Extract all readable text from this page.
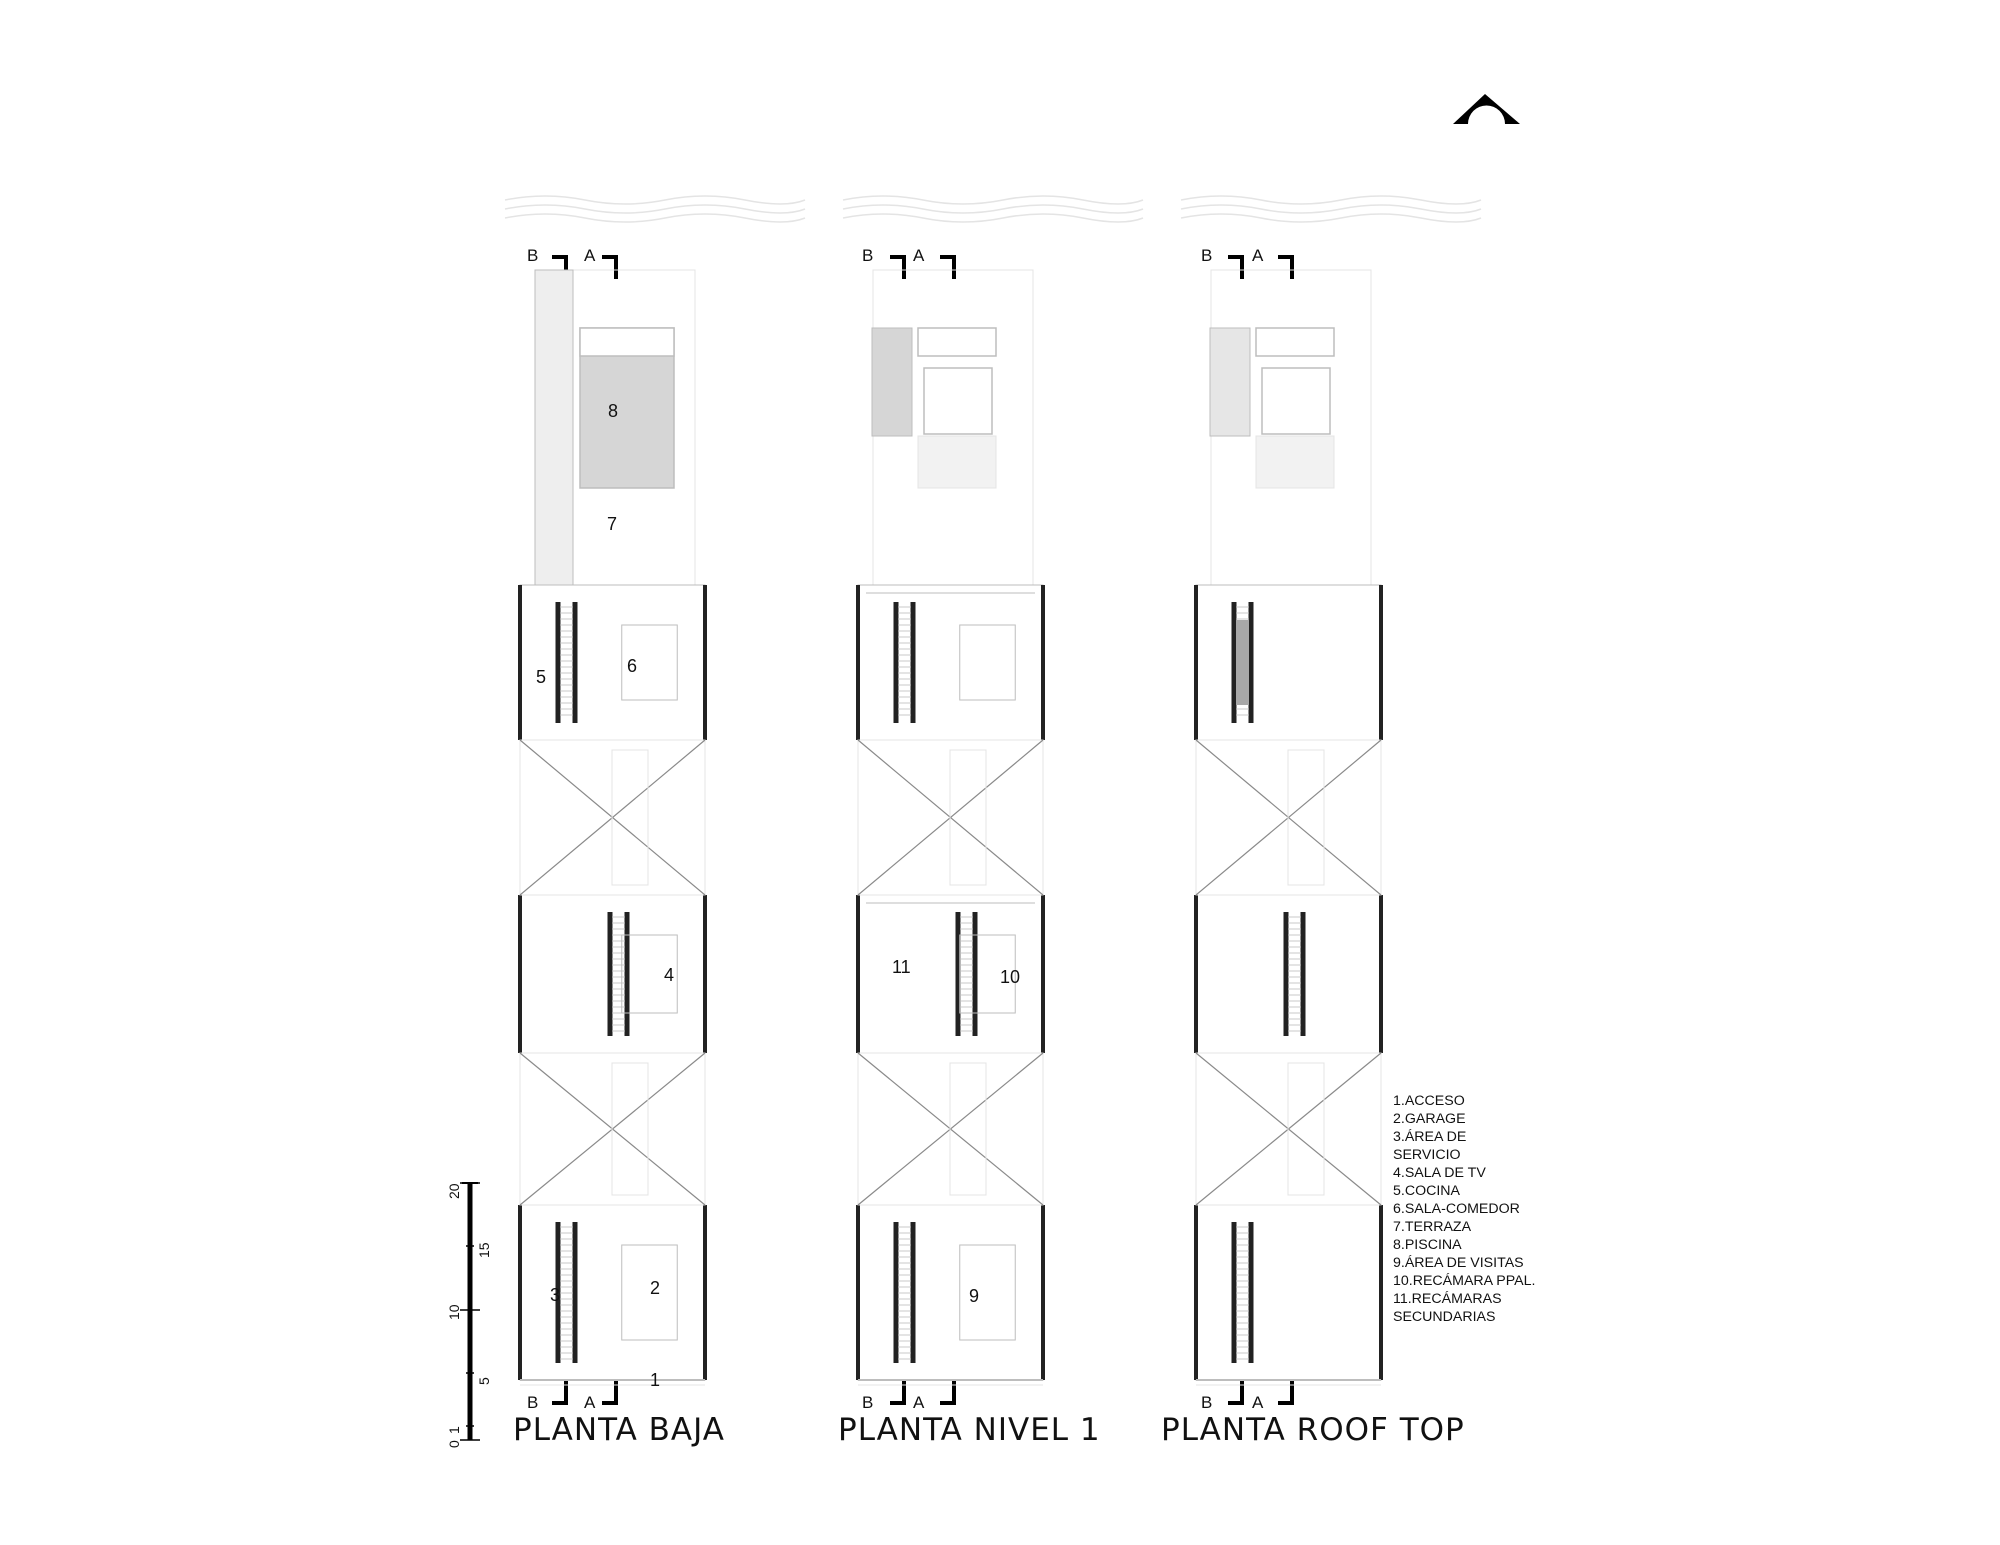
PLANTA BAJA	PLANTA NIVEL 1 PLANTA ROOF TOP
B	A	B A	B A
B	A	B A	B A
1
2
3
4
5
6
7
8
9
10
11
1.ACCESO
2.GARAGE
3.ÁREA DE
SERVICIO
4.SALA DE TV
5.COCINA
6.SALA-COMEDOR
7.TERRAZA
8.PISCINA
9.ÁREA DE VISITAS
10.RECÁMARA PPAL.
11.RECÁMARAS
SECUNDARIAS
0
1
5
10
15
20
